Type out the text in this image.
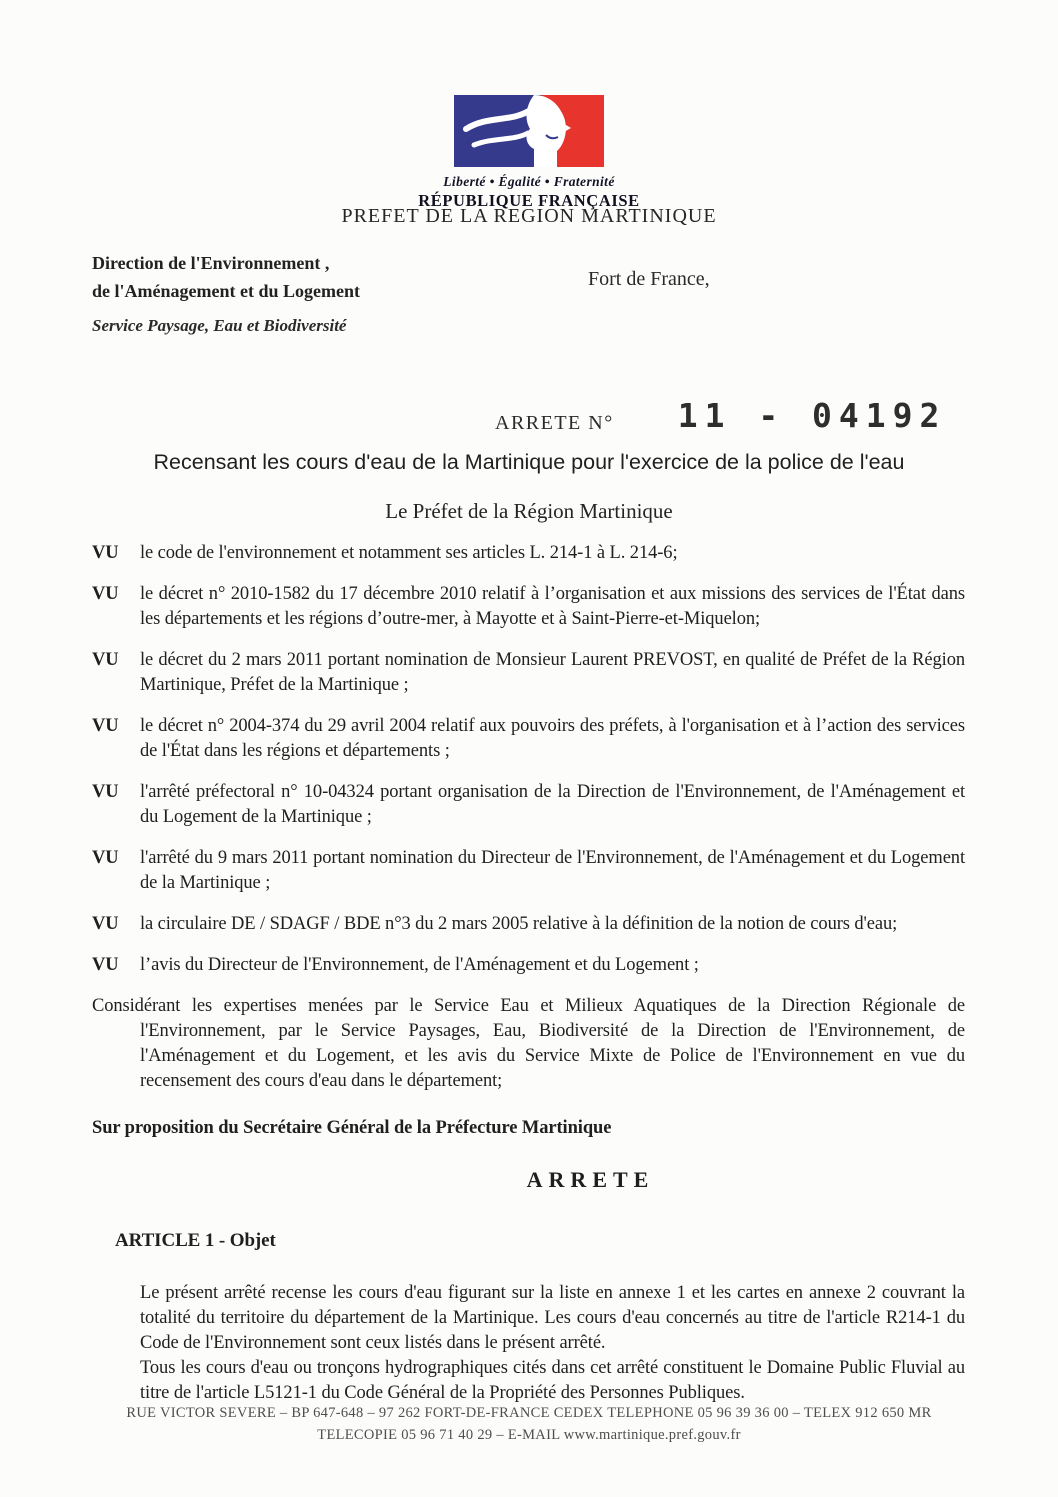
Liberté • Égalité • Fraternité
RÉPUBLIQUE FRANÇAISE
PREFET DE LA REGION MARTINIQUE
Direction de l'Environnement ,
de l'Aménagement et du Logement
Service Paysage, Eau et Biodiversité
Fort de France,
ARRETE N° 11 - 04192
Recensant les cours d'eau de la Martinique pour l'exercice de la police de l'eau
Le Préfet de la Région Martinique
VU	le code de l'environnement et notamment ses articles L. 214-1 à L. 214-6;
VU	le décret n° 2010-1582 du 17 décembre 2010 relatif à l’organisation et aux missions des services de l'État dans les départements et les régions d’outre-mer, à Mayotte et à Saint-Pierre-et-Miquelon;
VU	le décret du 2 mars 2011 portant nomination de Monsieur Laurent PREVOST, en qualité de Préfet de la Région Martinique, Préfet de la Martinique ;
VU	le décret n° 2004-374 du 29 avril 2004 relatif aux pouvoirs des préfets, à l'organisation et à l’action des services de l'État dans les régions et départements ;
VU	l'arrêté préfectoral n° 10-04324 portant organisation de la Direction de l'Environnement, de l'Aménagement et du Logement de la Martinique ;
VU	l'arrêté du 9 mars 2011 portant nomination du Directeur de l'Environnement, de l'Aménagement et du Logement de la Martinique ;
VU	la circulaire DE / SDAGF / BDE n°3 du 2 mars 2005 relative à la définition de la notion de cours d'eau;
VU	l’avis du Directeur de l'Environnement, de l'Aménagement et du Logement ;
Considérant les expertises menées par le Service Eau et Milieux Aquatiques de la Direction Régionale de l'Environnement, par le Service Paysages, Eau, Biodiversité de la Direction de l'Environnement, de l'Aménagement et du Logement, et les avis du Service Mixte de Police de l'Environnement en vue du recensement des cours d'eau dans le département;
Sur proposition du Secrétaire Général de la Préfecture Martinique
ARRETE
ARTICLE 1 - Objet

Le présent arrêté recense les cours d'eau figurant sur la liste en annexe 1 et les cartes en annexe 2 couvrant la totalité du territoire du département de la Martinique. Les cours d'eau concernés au titre de l'article R214-1 du Code de l'Environnement sont ceux listés dans le présent arrêté.

Tous les cours d'eau ou tronçons hydrographiques cités dans cet arrêté constituent le Domaine Public Fluvial au titre de l'article L5121-1 du Code Général de la Propriété des Personnes Publiques.

RUE VICTOR SEVERE – BP 647-648 – 97 262 FORT-DE-FRANCE CEDEX TELEPHONE 05 96 39 36 00 – TELEX 912 650 MR
TELECOPIE 05 96 71 40 29 – E-MAIL www.martinique.pref.gouv.fr
